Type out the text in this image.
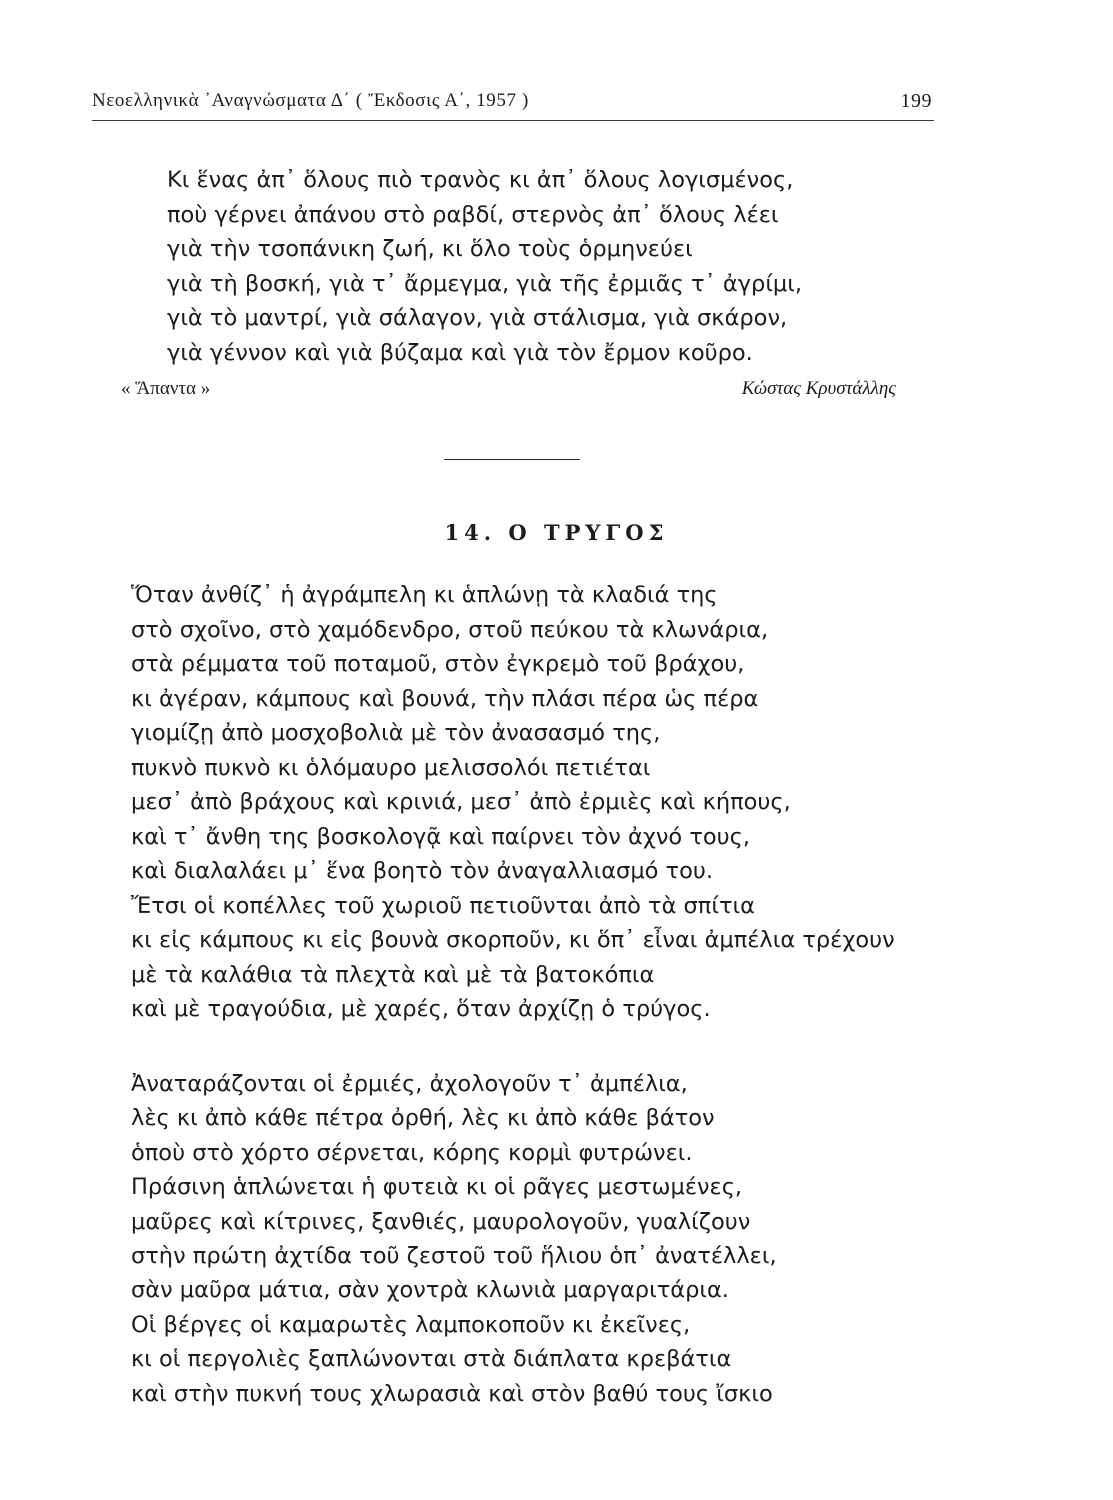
Νεοελληνικὰ ᾿Αναγνώσματα Δ΄ ( Ἔκδοσις Α΄, 1957 )	199
Κι ἕνας ἀπ᾿ ὅλους πιὸ τρανὸς κι ἀπ᾿ ὅλους λογισμένος,
ποὺ γέρνει ἀπάνου στὸ ραβδί, στερνὸς ἀπ᾿ ὅλους λέει
γιὰ τὴν τσοπάνικη ζωή, κι ὅλο τοὺς ὁρμηνεύει
γιὰ τὴ βοσκή, γιὰ τ᾿ ἄρμεγμα, γιὰ τῆς ἐρμιᾶς τ᾿ ἀγρίμι,
γιὰ τὸ μαντρί, γιὰ σάλαγον, γιὰ στάλισμα, γιὰ σκάρον,
γιὰ γέννον καὶ γιὰ βύζαμα καὶ γιὰ τὸν ἔρμον κοῦρο.
« Ἅπαντα »	Κώστας Κρυστάλλης
14. Ο ΤΡΥΓΟΣ
Ὅταν ἀνθίζ᾿ ἡ ἀγράμπελη κι ἁπλώνῃ τὰ κλαδιά της
στὸ σχοῖνο, στὸ χαμόδενδρο, στοῦ πεύκου τὰ κλωνάρια,
στὰ ρέμματα τοῦ ποταμοῦ, στὸν ἐγκρεμὸ τοῦ βράχου,
κι ἀγέραν, κάμπους καὶ βουνά, τὴν πλάσι πέρα ὡς πέρα
γιομίζῃ ἀπὸ μοσχοβολιὰ μὲ τὸν ἀνασασμό της,
πυκνὸ πυκνὸ κι ὁλόμαυρο μελισσολόι πετιέται
μεσ᾿ ἀπὸ βράχους καὶ κρινιά, μεσ᾿ ἀπὸ ἐρμιὲς καὶ κήπους,
καὶ τ᾿ ἄνθη της βοσκολογᾷ καὶ παίρνει τὸν ἀχνό τους,
καὶ διαλαλάει μ᾿ ἕνα βοητὸ τὸν ἀναγαλλιασμό του.
Ἔτσι οἱ κοπέλλες τοῦ χωριοῦ πετιοῦνται ἀπὸ τὰ σπίτια
κι εἰς κάμπους κι εἰς βουνὰ σκορποῦν, κι ὅπ᾿ εἶναι ἀμπέλια τρέχουν
μὲ τὰ καλάθια τὰ πλεχτὰ καὶ μὲ τὰ βατοκόπια
καὶ μὲ τραγούδια, μὲ χαρές, ὅταν ἀρχίζῃ ὁ τρύγος.
Ἀναταράζονται οἱ ἐρμιές, ἀχολογοῦν τ᾿ ἀμπέλια,
λὲς κι ἀπὸ κάθε πέτρα ὀρθή, λὲς κι ἀπὸ κάθε βάτον
ὁποὺ στὸ χόρτο σέρνεται, κόρης κορμὶ φυτρώνει.
Πράσινη ἁπλώνεται ἡ φυτειὰ κι οἱ ρᾶγες μεστωμένες,
μαῦρες καὶ κίτρινες, ξανθιές, μαυρολογοῦν, γυαλίζουν
στὴν πρώτη ἀχτίδα τοῦ ζεστοῦ τοῦ ἥλιου ὁπ᾿ ἀνατέλλει,
σὰν μαῦρα μάτια, σὰν χοντρὰ κλωνιὰ μαργαριτάρια.
Οἱ βέργες οἱ καμαρωτὲς λαμποκοποῦν κι ἐκεῖνες,
κι οἱ περγολιὲς ξαπλώνονται στὰ διάπλατα κρεβάτια
καὶ στὴν πυκνή τους χλωρασιὰ καὶ στὸν βαθύ τους ἴσκιο
